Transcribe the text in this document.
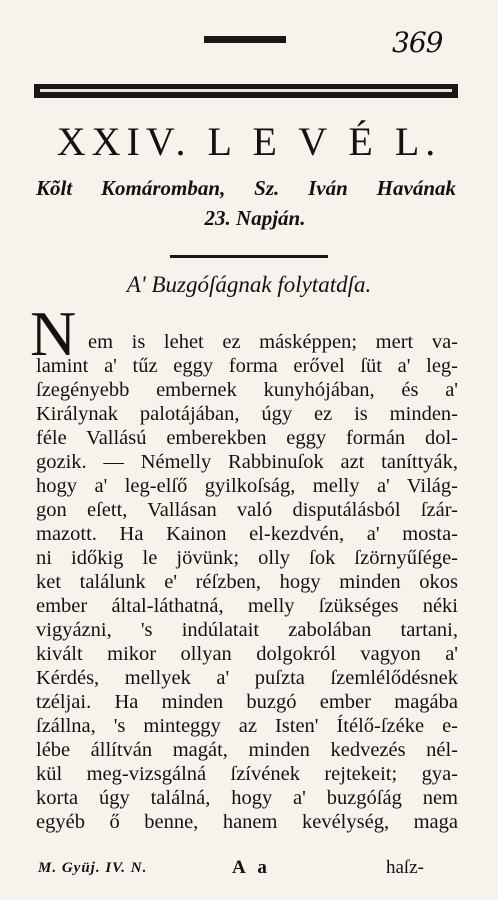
369
XXIV. L E V É L.
Kõlt Komáromban, Sz. Iván Havának
23. Napján.
A' Buzgóſágnak folytatdſa.
N em is lehet ez másképpen; mert va-
lamint a' tűz eggy forma erővel ſüt a' leg-
ſzegényebb embernek kunyhójában, és a'
Királynak palotájában, úgy ez is minden-
féle Vallású emberekben eggy formán dol-
gozik. — Némelly Rabbinuſok azt taníttyák,
hogy a' leg-elſő gyilkoſság, melly a' Világ-
gon eſett, Vallásan való disputálásból ſzár-
mazott. Ha Kainon el-kezdvén, a' mosta-
ni időkig le jövünk; olly ſok ſzörnyűſége-
ket találunk e' réſzben, hogy minden okos
ember által-láthatná, melly ſzükséges néki
vigyázni, 's indúlatait zabolában tartani,
kivált mikor ollyan dolgokról vagyon a'
Kérdés, mellyek a' puſzta ſzemlélődésnek
tzéljai. Ha minden buzgó ember magába
ſzállna, 's minteggy az Isten' Ítélő-ſzéke e-
lébe állítván magát, minden kedvezés nél-
kül meg-vizsgálná ſzívének rejtekeit; gya-
korta úgy találná, hogy a' buzgóſág nem
egyéb ő benne, hanem kevélység, maga
M. Gyüj. IV. N.	A a	haſz-
